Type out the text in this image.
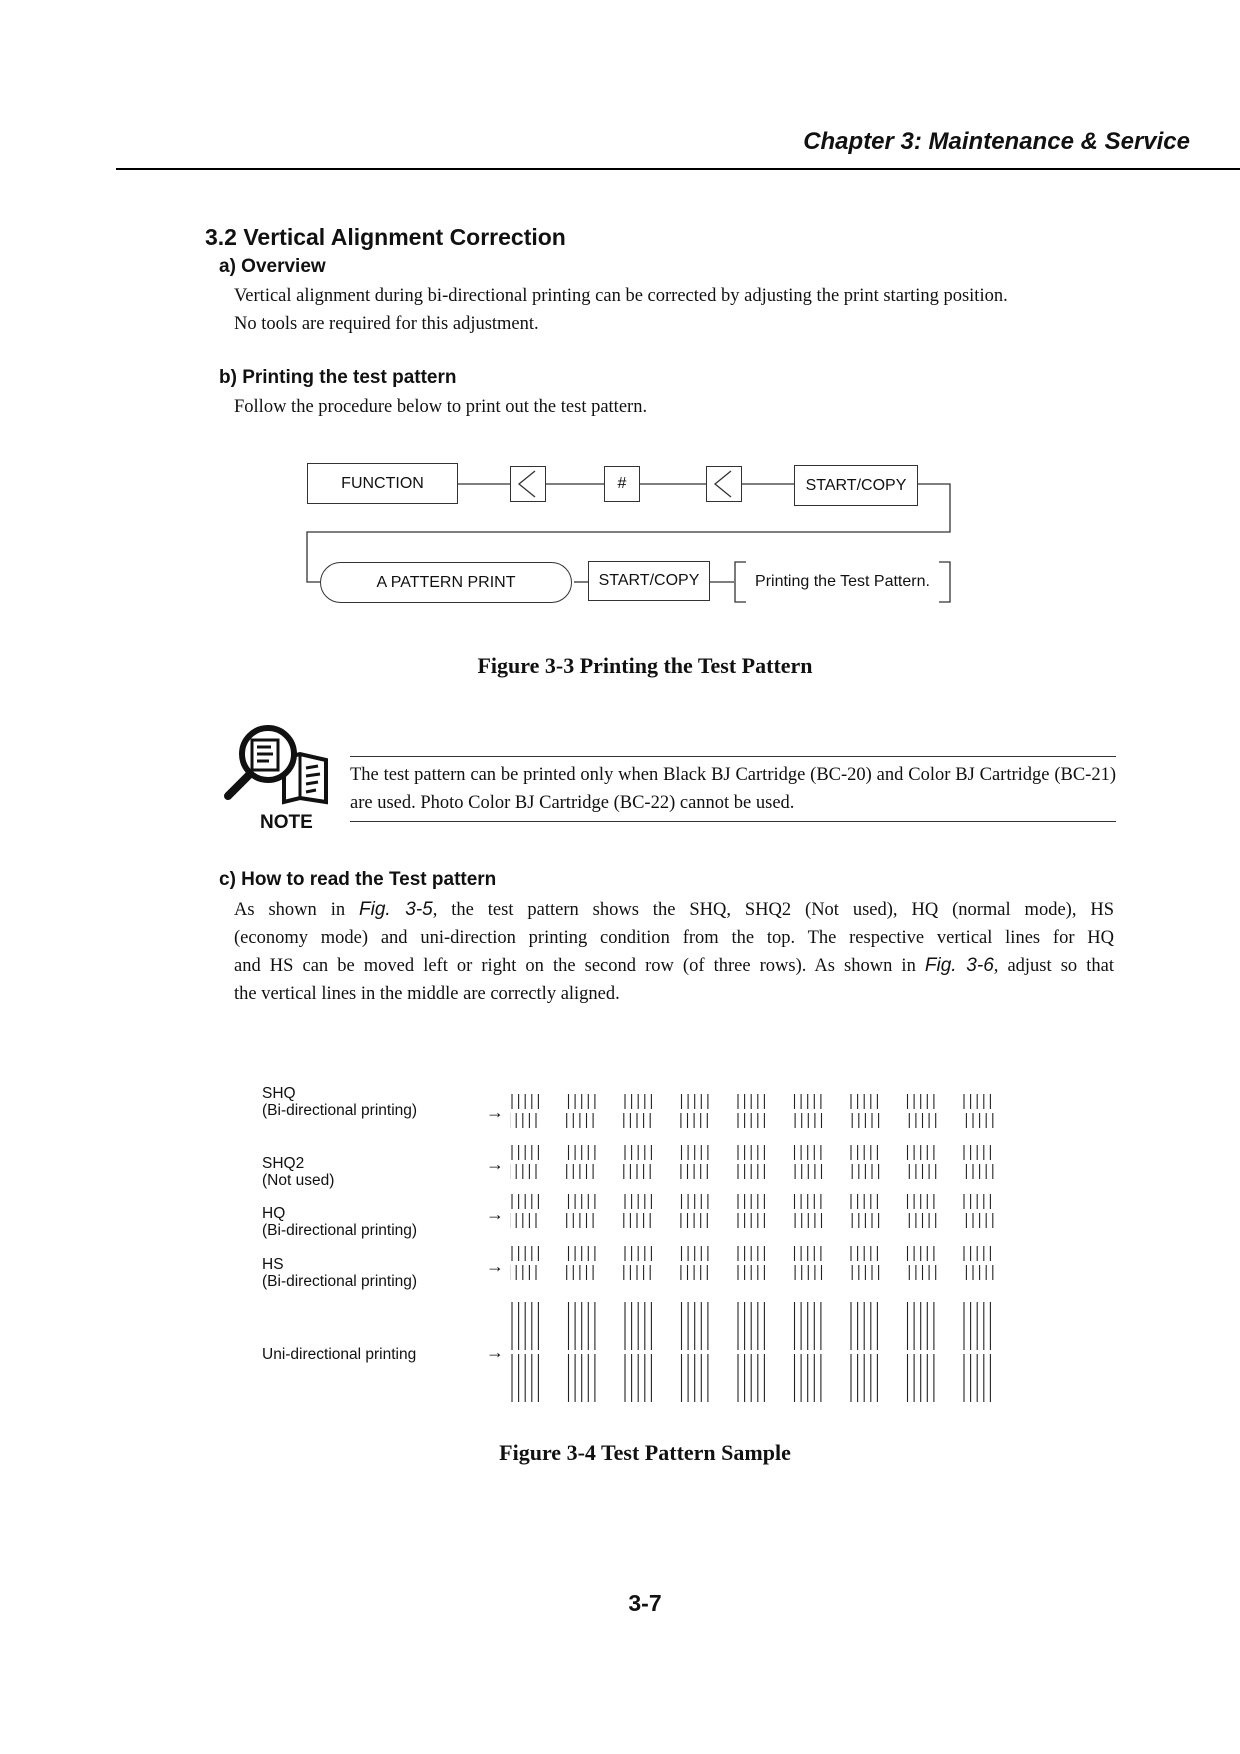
Chapter 3: Maintenance & Service
3.2 Vertical Alignment Correction
a) Overview
Vertical alignment during bi-directional printing can be corrected by adjusting the print starting position.
No tools are required for this adjustment.
b) Printing the test pattern
Follow the procedure below to print out the test pattern.
FUNCTION	#	START/COPY
A PATTERN PRINT	START/COPY	Printing the Test Pattern.
Figure 3-3 Printing the Test Pattern
NOTE
The test pattern can be printed only when Black BJ Cartridge (BC-20) and Color BJ Cartridge (BC-21) are used. Photo Color BJ Cartridge (BC-22) cannot be used.
c) How to read the Test pattern
As shown in Fig. 3-5, the test pattern shows the SHQ, SHQ2 (Not used), HQ (normal mode), HS
(economy mode) and uni-direction printing condition from the top. The respective vertical lines for HQ
and HS can be moved left or right on the second row (of three rows). As shown in Fig. 3-6, adjust so that
the vertical lines in the middle are correctly aligned.
SHQ
(Bi-directional printing)
SHQ2
(Not used)
HQ
(Bi-directional printing)
HS
(Bi-directional printing)
Uni-directional printing
→
→
→
→
→
Figure 3-4 Test Pattern Sample
3-7
